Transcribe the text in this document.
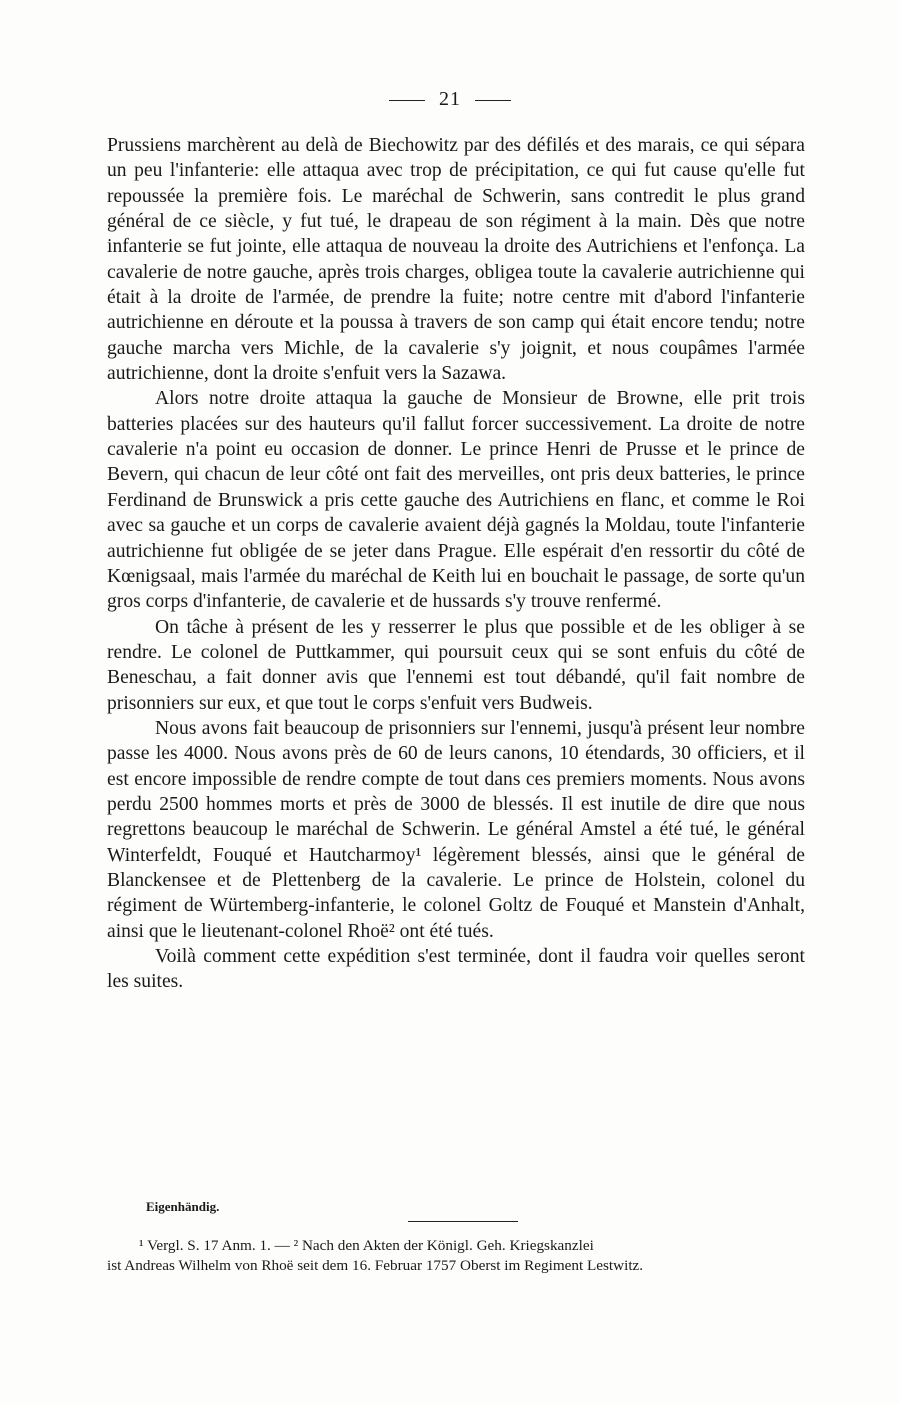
21

Prussiens marchèrent au delà de Biechowitz par des défilés et des marais, ce qui sépara un peu l'infanterie: elle attaqua avec trop de précipitation, ce qui fut cause qu'elle fut repoussée la première fois. Le maréchal de Schwerin, sans contredit le plus grand général de ce siècle, y fut tué, le drapeau de son régiment à la main. Dès que notre infanterie se fut jointe, elle attaqua de nouveau la droite des Autrichiens et l'enfonça. La cavalerie de notre gauche, après trois charges, obligea toute la cavalerie autrichienne qui était à la droite de l'armée, de prendre la fuite; notre centre mit d'abord l'infanterie autrichienne en déroute et la poussa à travers de son camp qui était encore tendu; notre gauche marcha vers Michle, de la cavalerie s'y joignit, et nous coupâmes l'armée autrichienne, dont la droite s'enfuit vers la Sazawa.

Alors notre droite attaqua la gauche de Monsieur de Browne, elle prit trois batteries placées sur des hauteurs qu'il fallut forcer successivement. La droite de notre cavalerie n'a point eu occasion de donner. Le prince Henri de Prusse et le prince de Bevern, qui chacun de leur côté ont fait des merveilles, ont pris deux batteries, le prince Ferdinand de Brunswick a pris cette gauche des Autrichiens en flanc, et comme le Roi avec sa gauche et un corps de cavalerie avaient déjà gagnés la Moldau, toute l'infanterie autrichienne fut obligée de se jeter dans Prague. Elle espérait d'en ressortir du côté de Kœnigsaal, mais l'armée du maréchal de Keith lui en bouchait le passage, de sorte qu'un gros corps d'infanterie, de cavalerie et de hussards s'y trouve renfermé.

On tâche à présent de les y resserrer le plus que possible et de les obliger à se rendre. Le colonel de Puttkammer, qui poursuit ceux qui se sont enfuis du côté de Beneschau, a fait donner avis que l'ennemi est tout débandé, qu'il fait nombre de prisonniers sur eux, et que tout le corps s'enfuit vers Budweis.

Nous avons fait beaucoup de prisonniers sur l'ennemi, jusqu'à présent leur nombre passe les 4000. Nous avons près de 60 de leurs canons, 10 étendards, 30 officiers, et il est encore impossible de rendre compte de tout dans ces premiers moments. Nous avons perdu 2500 hommes morts et près de 3000 de blessés. Il est inutile de dire que nous regrettons beaucoup le maréchal de Schwerin. Le général Amstel a été tué, le général Winterfeldt, Fouqué et Hautcharmoy¹ légèrement blessés, ainsi que le général de Blanckensee et de Plettenberg de la cavalerie. Le prince de Holstein, colonel du régiment de Würtemberg-infanterie, le colonel Goltz de Fouqué et Manstein d'Anhalt, ainsi que le lieutenant-colonel Rhoë² ont été tués.

Voilà comment cette expédition s'est terminée, dont il faudra voir quelles seront les suites.

Eigenhändig.

¹ Vergl. S. 17 Anm. 1. — ² Nach den Akten der Königl. Geh. Kriegskanzlei

ist Andreas Wilhelm von Rhoë seit dem 16. Februar 1757 Oberst im Regiment Lestwitz.
